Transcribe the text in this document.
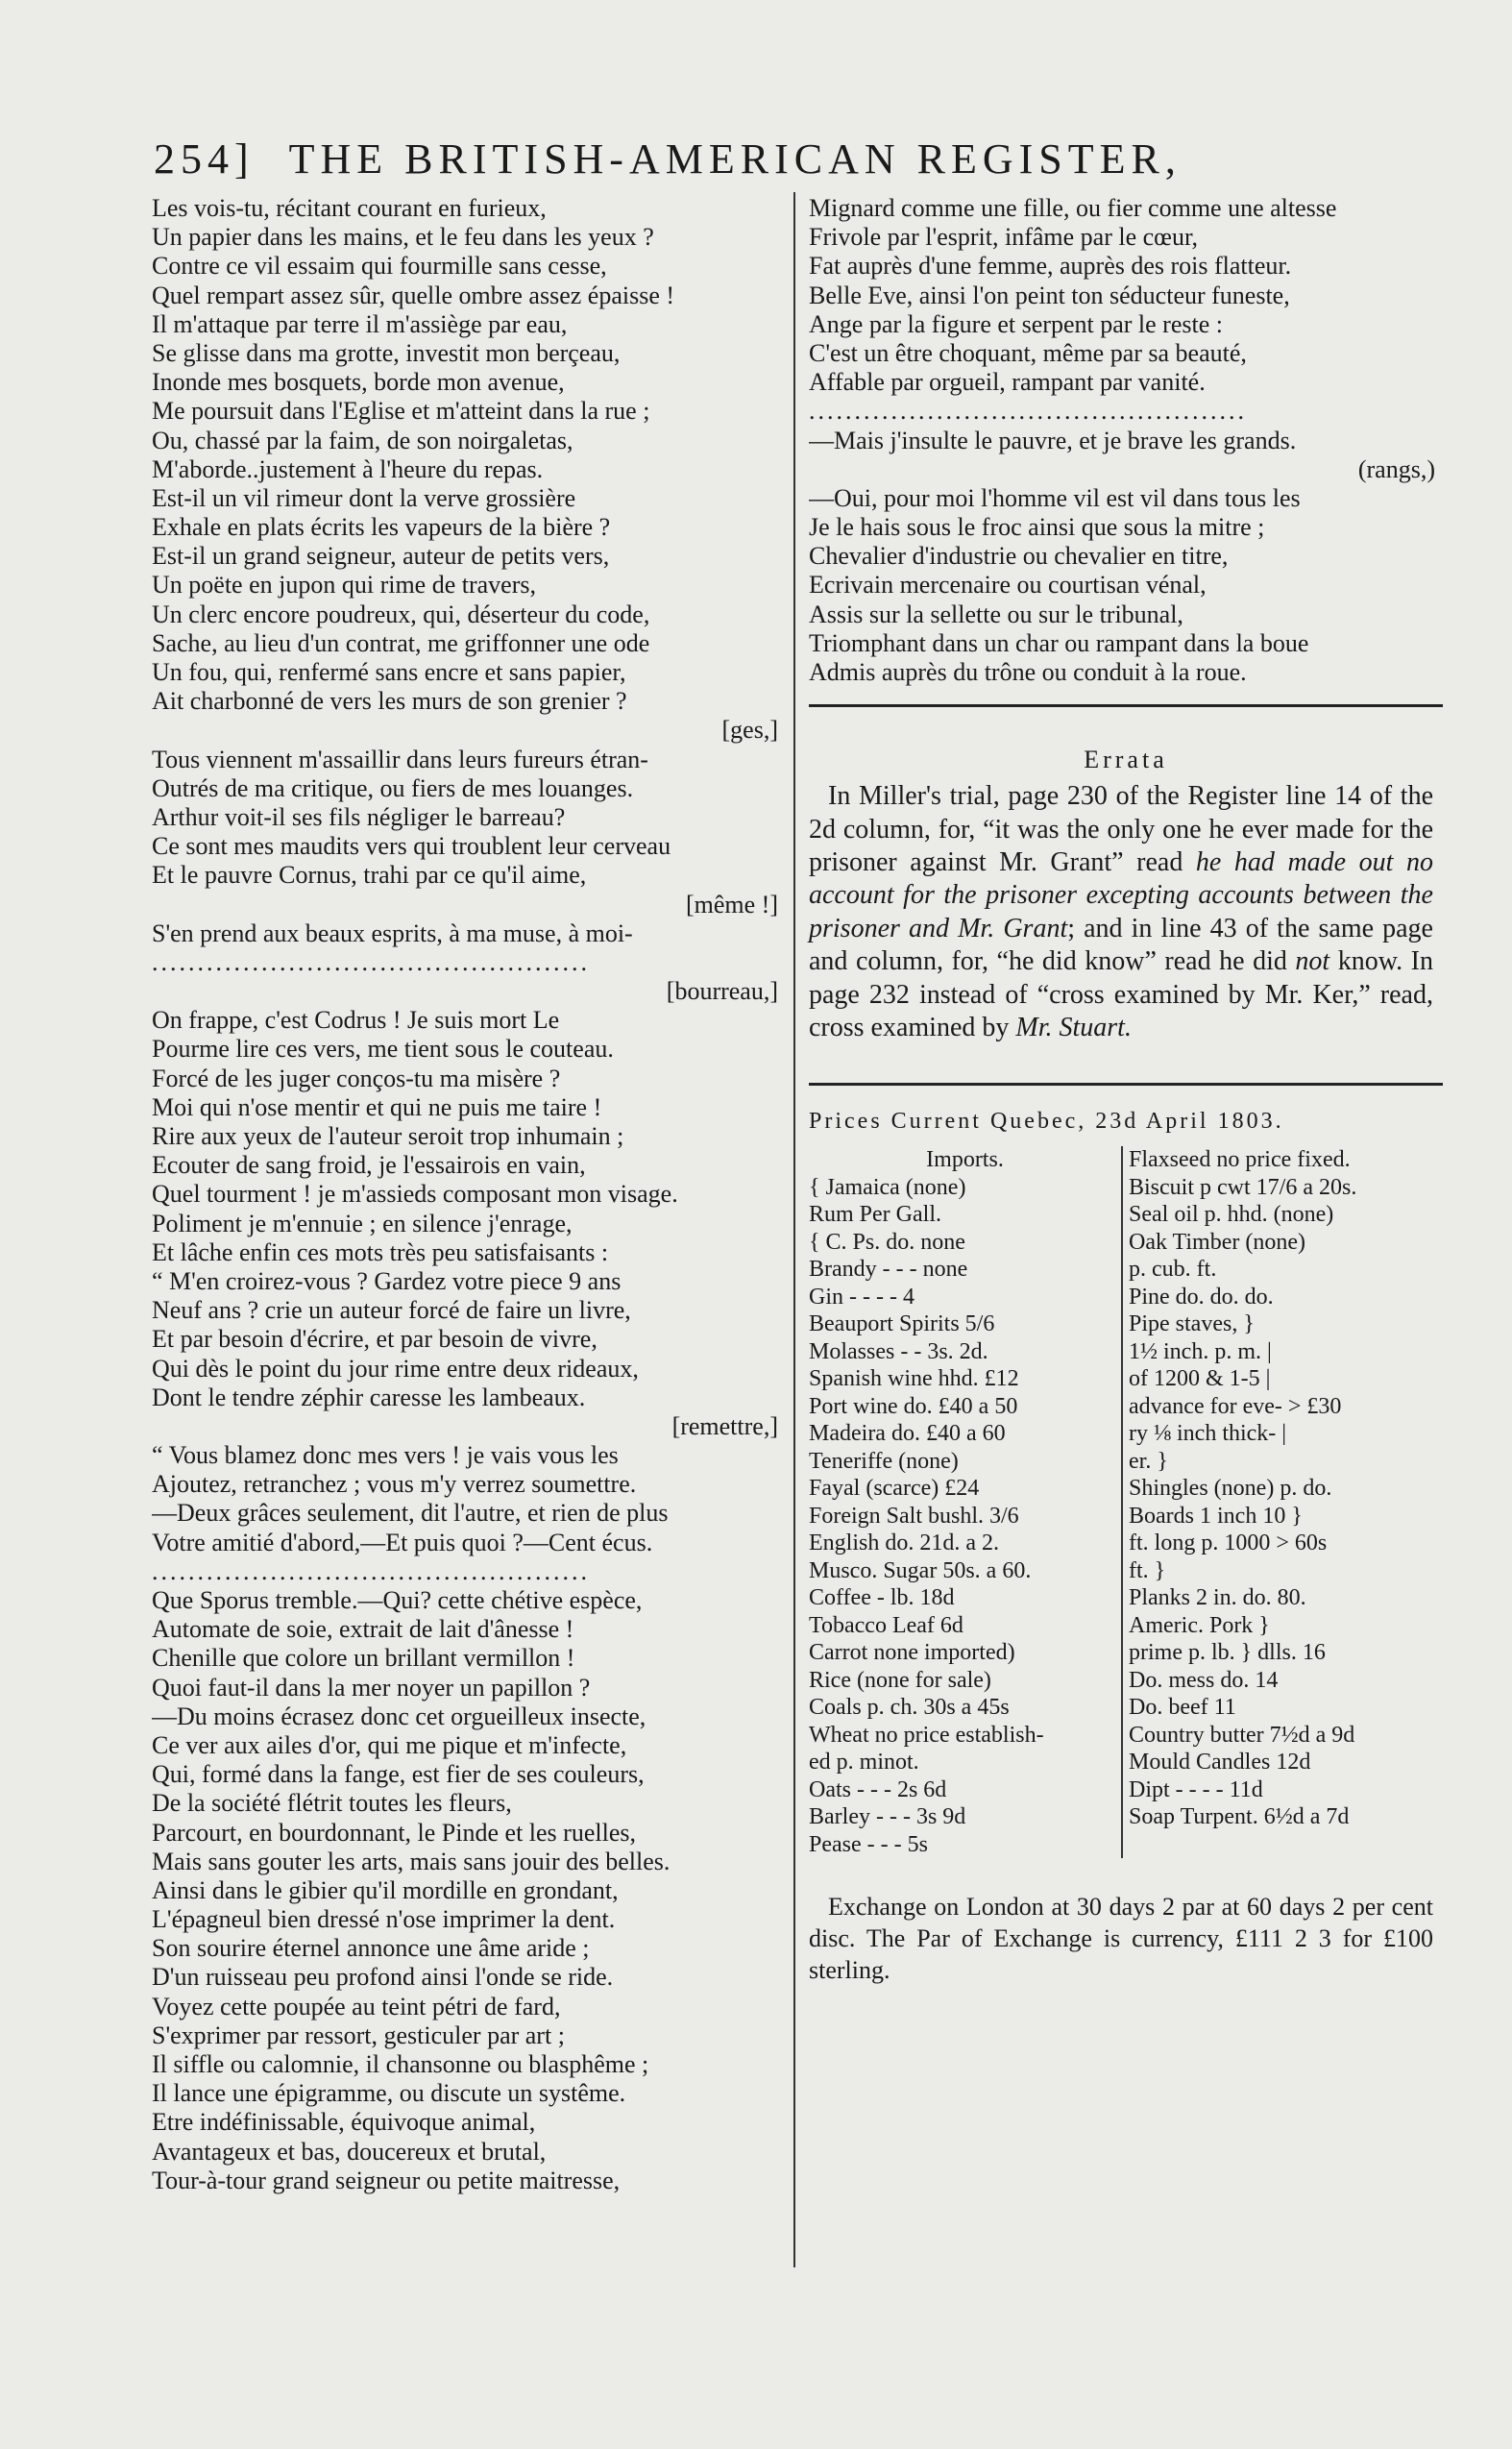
254] THE BRITISH-AMERICAN REGISTER,
Les vois-tu, récitant courant en furieux,
Un papier dans les mains, et le feu dans les yeux ?
Contre ce vil essaim qui fourmille sans cesse,
Quel rempart assez sûr, quelle ombre assez épaisse !
Il m'attaque par terre il m'assiège par eau,
Se glisse dans ma grotte, investit mon berçeau,
Inonde mes bosquets, borde mon avenue,
Me poursuit dans l'Eglise et m'atteint dans la rue ;
Ou, chassé par la faim, de son noirgaletas,
M'aborde..justement à l'heure du repas.
Est-il un vil rimeur dont la verve grossière
Exhale en plats écrits les vapeurs de la bière ?
Est-il un grand seigneur, auteur de petits vers,
Un poëte en jupon qui rime de travers,
Un clerc encore poudreux, qui, déserteur du code,
Sache, au lieu d'un contrat, me griffonner une ode
Un fou, qui, renfermé sans encre et sans papier,
Ait charbonné de vers les murs de son grenier ?
[ges,]
Tous viennent m'assaillir dans leurs fureurs étran-
Outrés de ma critique, ou fiers de mes louanges.
Arthur voit-il ses fils négliger le barreau?
Ce sont mes maudits vers qui troublent leur cerveau
Et le pauvre Cornus, trahi par ce qu'il aime,
[même !]
S'en prend aux beaux esprits, à ma muse, à moi-
................................................
[bourreau,]
On frappe, c'est Codrus ! Je suis mort Le
Pourme lire ces vers, me tient sous le couteau.
Forcé de les juger conços-tu ma misère ?
Moi qui n'ose mentir et qui ne puis me taire !
Rire aux yeux de l'auteur seroit trop inhumain ;
Ecouter de sang froid, je l'essairois en vain,
Quel tourment ! je m'assieds composant mon visage.
Poliment je m'ennuie ; en silence j'enrage,
Et lâche enfin ces mots très peu satisfaisants :
“ M'en croirez-vous ? Gardez votre piece 9 ans
Neuf ans ? crie un auteur forcé de faire un livre,
Et par besoin d'écrire, et par besoin de vivre,
Qui dès le point du jour rime entre deux rideaux,
Dont le tendre zéphir caresse les lambeaux.
[remettre,]
“ Vous blamez donc mes vers ! je vais vous les
Ajoutez, retranchez ; vous m'y verrez soumettre.
—Deux grâces seulement, dit l'autre, et rien de plus
Votre amitié d'abord,—Et puis quoi ?—Cent écus.
................................................
Que Sporus tremble.—Qui? cette chétive espèce,
Automate de soie, extrait de lait d'ânesse !
Chenille que colore un brillant vermillon !
Quoi faut-il dans la mer noyer un papillon ?
—Du moins écrasez donc cet orgueilleux insecte,
Ce ver aux ailes d'or, qui me pique et m'infecte,
Qui, formé dans la fange, est fier de ses couleurs,
De la société flétrit toutes les fleurs,
Parcourt, en bourdonnant, le Pinde et les ruelles,
Mais sans gouter les arts, mais sans jouir des belles.
Ainsi dans le gibier qu'il mordille en grondant,
L'épagneul bien dressé n'ose imprimer la dent.
Son sourire éternel annonce une âme aride ;
D'un ruisseau peu profond ainsi l'onde se ride.
Voyez cette poupée au teint pétri de fard,
S'exprimer par ressort, gesticuler par art ;
Il siffle ou calomnie, il chansonne ou blasphême ;
Il lance une épigramme, ou discute un systême.
Etre indéfinissable, équivoque animal,
Avantageux et bas, doucereux et brutal,
Tour-à-tour grand seigneur ou petite maitresse,
Mignard comme une fille, ou fier comme une altesse
Frivole par l'esprit, infâme par le cœur,
Fat auprès d'une femme, auprès des rois flatteur.
Belle Eve, ainsi l'on peint ton séducteur funeste,
Ange par la figure et serpent par le reste :
C'est un être choquant, même par sa beauté,
Affable par orgueil, rampant par vanité.
................................................
—Mais j'insulte le pauvre, et je brave les grands.
(rangs,)
—Oui, pour moi l'homme vil est vil dans tous les
Je le hais sous le froc ainsi que sous la mitre ;
Chevalier d'industrie ou chevalier en titre,
Ecrivain mercenaire ou courtisan vénal,
Assis sur la sellette ou sur le tribunal,
Triomphant dans un char ou rampant dans la boue
Admis auprès du trône ou conduit à la roue.
Errata
In Miller's trial, page 230 of the Register line 14 of the 2d column, for, “it was the only one he ever made for the prisoner against Mr. Grant” read he had made out no account for the prisoner excepting accounts between the prisoner and Mr. Grant; and in line 43 of the same page and column, for, “he did know” read he did not know. In page 232 instead of “cross examined by Mr. Ker,” read, cross examined by Mr. Stuart.
Prices Current Quebec, 23d April 1803.
Imports.
{ Jamaica (none)
Rum Per Gall.
{ C. Ps. do. none
Brandy - - - none
Gin - - - - 4
Beauport Spirits 5/6
Molasses - - 3s. 2d.
Spanish wine hhd. £12
Port wine do. £40 a 50
Madeira do. £40 a 60
Teneriffe (none)
Fayal (scarce) £24
Foreign Salt bushl. 3/6
English do. 21d. a 2.
Musco. Sugar 50s. a 60.
Coffee - lb. 18d
Tobacco Leaf 6d
Carrot none imported)
Rice (none for sale)
Coals p. ch. 30s a 45s
Wheat no price establish-
ed p. minot.
Oats - - - 2s 6d
Barley - - - 3s 9d
Pease - - - 5s
Flaxseed no price fixed.
Biscuit p cwt 17/6 a 20s.
Seal oil p. hhd. (none)
Oak Timber (none)
p. cub. ft.
Pine do. do. do.
Pipe staves, }
1½ inch. p. m. |
of 1200 & 1-5 |
advance for eve- > £30
ry ⅛ inch thick- |
er. }
Shingles (none) p. do.
Boards 1 inch 10 }
ft. long p. 1000 > 60s
ft. }
Planks 2 in. do. 80.
Americ. Pork }
prime p. lb. } dlls. 16
Do. mess do. 14
Do. beef 11
Country butter 7½d a 9d
Mould Candles 12d
Dipt - - - - 11d
Soap Turpent. 6½d a 7d
Exchange on London at 30 days 2 par at 60 days 2 per cent disc. The Par of Exchange is currency, £111 2 3 for £100 sterling.
